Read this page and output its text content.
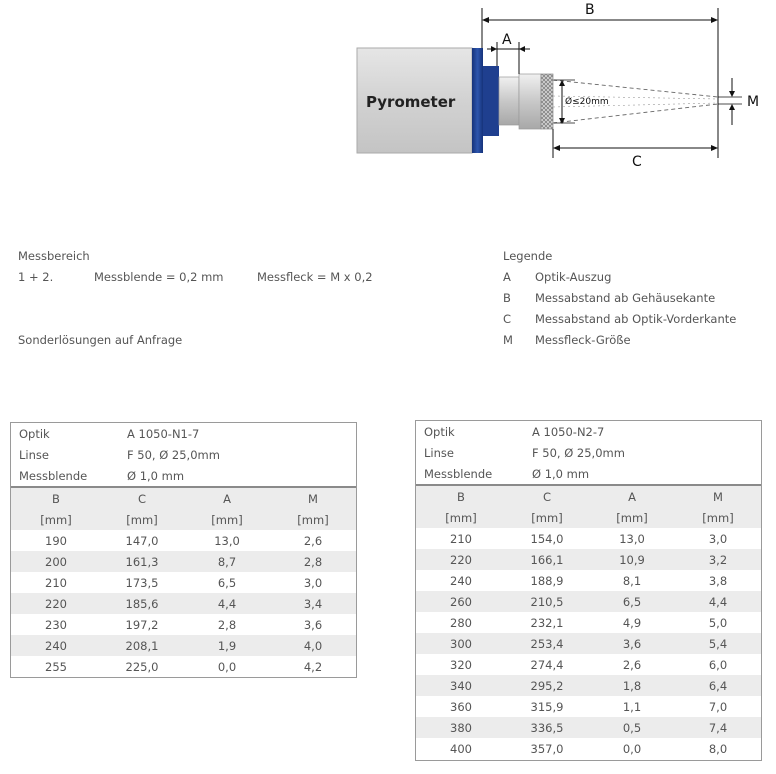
Pyrometer	Ø≤20mm
B
A
C
M
Messbereich
1 + 2.	Messblende = 0,2 mm	Messfleck = M x 0,2
Sonderlösungen auf Anfrage
Legende
A Optik-Auszug
B Messabstand ab Gehäusekante
C Messabstand ab Optik-Vorderkante
M Messfleck-Größe
Optik	A 1050-N1-7
Linse	F 50, Ø 25,0mm
Messblende	Ø 1,0 mm
B	C	A	M
[mm]	[mm]	[mm]	[mm]
190	147,0	13,0	2,6
200	161,3	8,7	2,8
210	173,5	6,5	3,0
220	185,6	4,4	3,4
230	197,2	2,8	3,6
240	208,1	1,9	4,0
255	225,0	0,0	4,2
Optik	A 1050-N2-7
Linse	F 50, Ø 25,0mm
Messblende	Ø 1,0 mm
B	C	A	M
[mm]	[mm]	[mm]	[mm]
210	154,0	13,0	3,0
220	166,1	10,9	3,2
240	188,9	8,1	3,8
260	210,5	6,5	4,4
280	232,1	4,9	5,0
300	253,4	3,6	5,4
320	274,4	2,6	6,0
340	295,2	1,8	6,4
360	315,9	1,1	7,0
380	336,5	0,5	7,4
400	357,0	0,0	8,0
